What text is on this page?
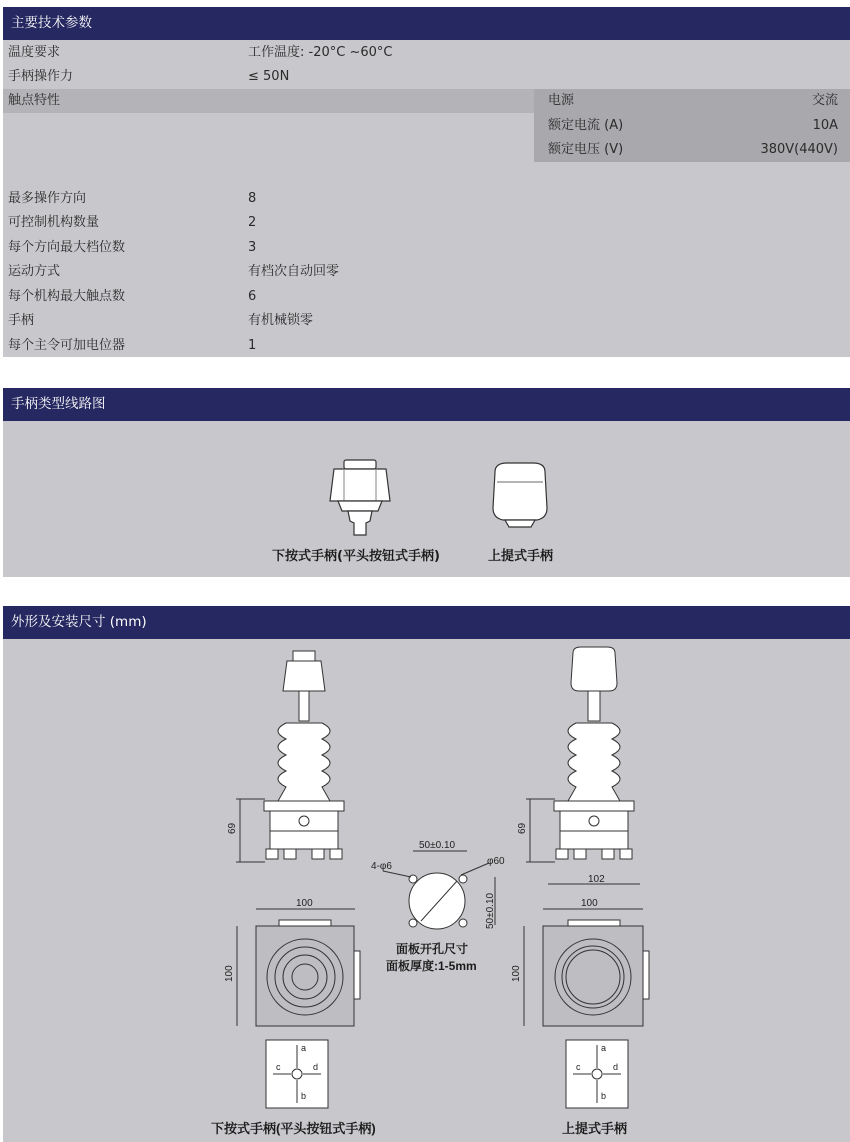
主要技术参数
温度要求	工作温度: -20°C ~60°C
手柄操作力	≤ 50N
触点特性	电源	交流
额定电流 (A)	10A
额定电压 (V)	380V(440V)
最多操作方向	8
可控制机构数量	2
每个方向最大档位数	3
运动方式	有档次自动回零
每个机构最大触点数	6
手柄	有机械锁零
每个主令可加电位器	1
手柄类型线路图
下按式手柄(平头按钮式手柄)	上提式手柄
外形及安装尺寸 (mm)
69	69
102
100
100
100
100
50±0.10
4-φ6	φ60
50±0.10
面板开孔尺寸
面板厚度:1-5mm
a
b
c	d
a
b
c	d
下按式手柄(平头按钮式手柄)	上提式手柄
